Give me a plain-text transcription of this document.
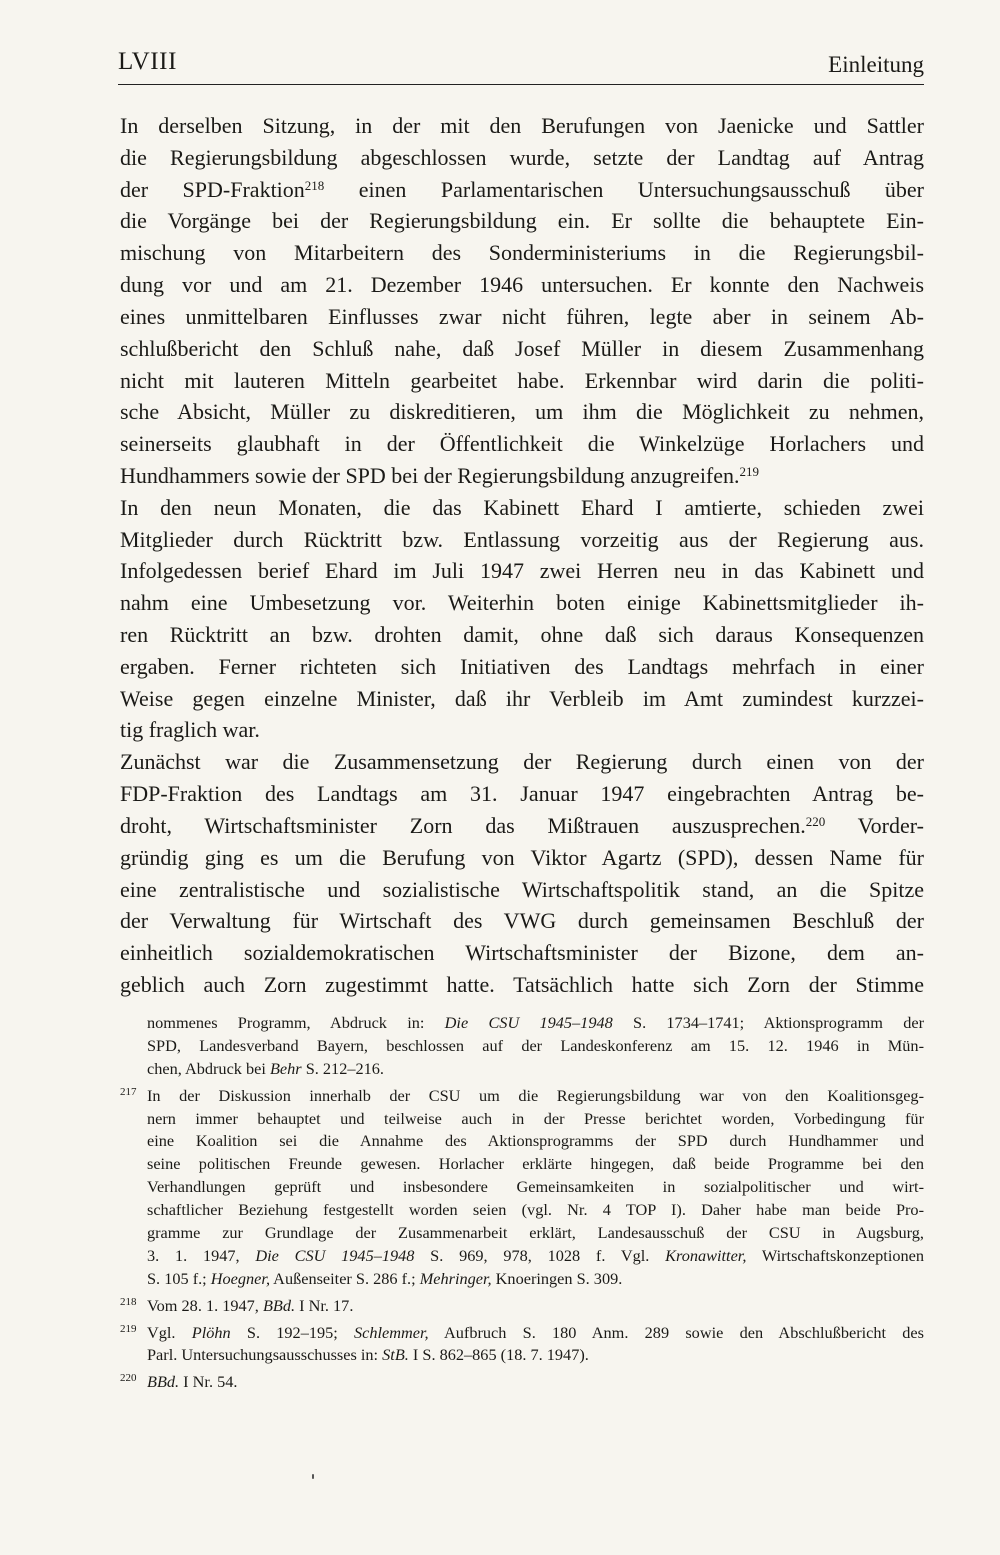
LVIII	Einleitung
In derselben Sitzung, in der mit den Berufungen von Jaenicke und Sattler
die Regierungsbildung abgeschlossen wurde, setzte der Landtag auf Antrag
der SPD-Fraktion$^{218}$ einen Parlamentarischen Untersuchungsausschuß über
die Vorgänge bei der Regierungsbildung ein. Er sollte die behauptete Ein-
mischung von Mitarbeitern des Sonderministeriums in die Regierungsbil-
dung vor und am 21. Dezember 1946 untersuchen. Er konnte den Nachweis
eines unmittelbaren Einflusses zwar nicht führen, legte aber in seinem Ab-
schlußbericht den Schluß nahe, daß Josef Müller in diesem Zusammenhang
nicht mit lauteren Mitteln gearbeitet habe. Erkennbar wird darin die politi-
sche Absicht, Müller zu diskreditieren, um ihm die Möglichkeit zu nehmen,
seinerseits glaubhaft in der Öffentlichkeit die Winkelzüge Horlachers und
Hundhammers sowie der SPD bei der Regierungsbildung anzugreifen.$^{219}$
In den neun Monaten, die das Kabinett Ehard I amtierte, schieden zwei
Mitglieder durch Rücktritt bzw. Entlassung vorzeitig aus der Regierung aus.
Infolgedessen berief Ehard im Juli 1947 zwei Herren neu in das Kabinett und
nahm eine Umbesetzung vor. Weiterhin boten einige Kabinettsmitglieder ih-
ren Rücktritt an bzw. drohten damit, ohne daß sich daraus Konsequenzen
ergaben. Ferner richteten sich Initiativen des Landtags mehrfach in einer
Weise gegen einzelne Minister, daß ihr Verbleib im Amt zumindest kurzzei-
tig fraglich war.
Zunächst war die Zusammensetzung der Regierung durch einen von der
FDP-Fraktion des Landtags am 31. Januar 1947 eingebrachten Antrag be-
droht, Wirtschaftsminister Zorn das Mißtrauen auszusprechen.$^{220}$ Vorder-
gründig ging es um die Berufung von Viktor Agartz (SPD), dessen Name für
eine zentralistische und sozialistische Wirtschaftspolitik stand, an die Spitze
der Verwaltung für Wirtschaft des VWG durch gemeinsamen Beschluß der
einheitlich sozialdemokratischen Wirtschaftsminister der Bizone, dem an-
geblich auch Zorn zugestimmt hatte. Tatsächlich hatte sich Zorn der Stimme
nommenes Programm, Abdruck in: Die CSU 1945–1948 S. 1734–1741; Aktionsprogramm der
SPD, Landesverband Bayern, beschlossen auf der Landeskonferenz am 15. 12. 1946 in Mün-
chen, Abdruck bei Behr S. 212–216.
217 In der Diskussion innerhalb der CSU um die Regierungsbildung war von den Koalitionsgeg-
nern immer behauptet und teilweise auch in der Presse berichtet worden, Vorbedingung für
eine Koalition sei die Annahme des Aktionsprogramms der SPD durch Hundhammer und
seine politischen Freunde gewesen. Horlacher erklärte hingegen, daß beide Programme bei den
Verhandlungen geprüft und insbesondere Gemeinsamkeiten in sozialpolitischer und wirt-
schaftlicher Beziehung festgestellt worden seien (vgl. Nr. 4 TOP I). Daher habe man beide Pro-
gramme zur Grundlage der Zusammenarbeit erklärt, Landesausschuß der CSU in Augsburg,
3. 1. 1947, Die CSU 1945–1948 S. 969, 978, 1028 f. Vgl. Kronawitter, Wirtschaftskonzeptionen
S. 105 f.; Hoegner, Außenseiter S. 286 f.; Mehringer, Knoeringen S. 309.
218 Vom 28. 1. 1947, BBd. I Nr. 17.
219 Vgl. Plöhn S. 192–195; Schlemmer, Aufbruch S. 180 Anm. 289 sowie den Abschlußbericht des
Parl. Untersuchungsausschusses in: StB. I S. 862–865 (18. 7. 1947).
220 BBd. I Nr. 54.
